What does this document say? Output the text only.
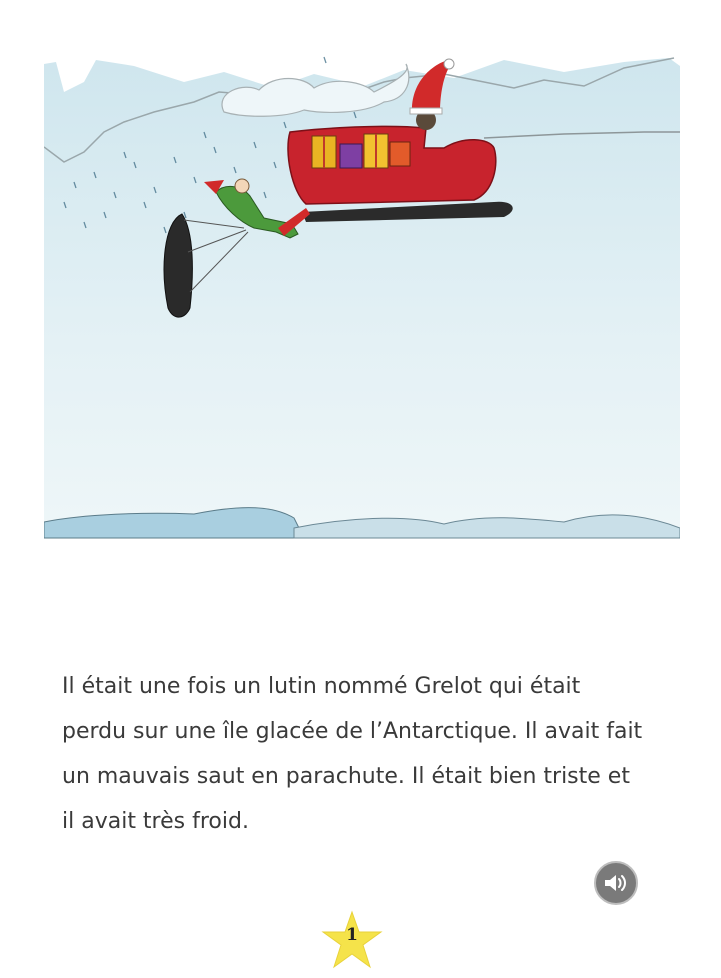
Il était une fois un lutin nommé Grelot qui était
perdu sur une île glacée de l’Antarctique. Il avait fait
un mauvais saut en parachute. Il était bien triste et
il avait très froid.
1
